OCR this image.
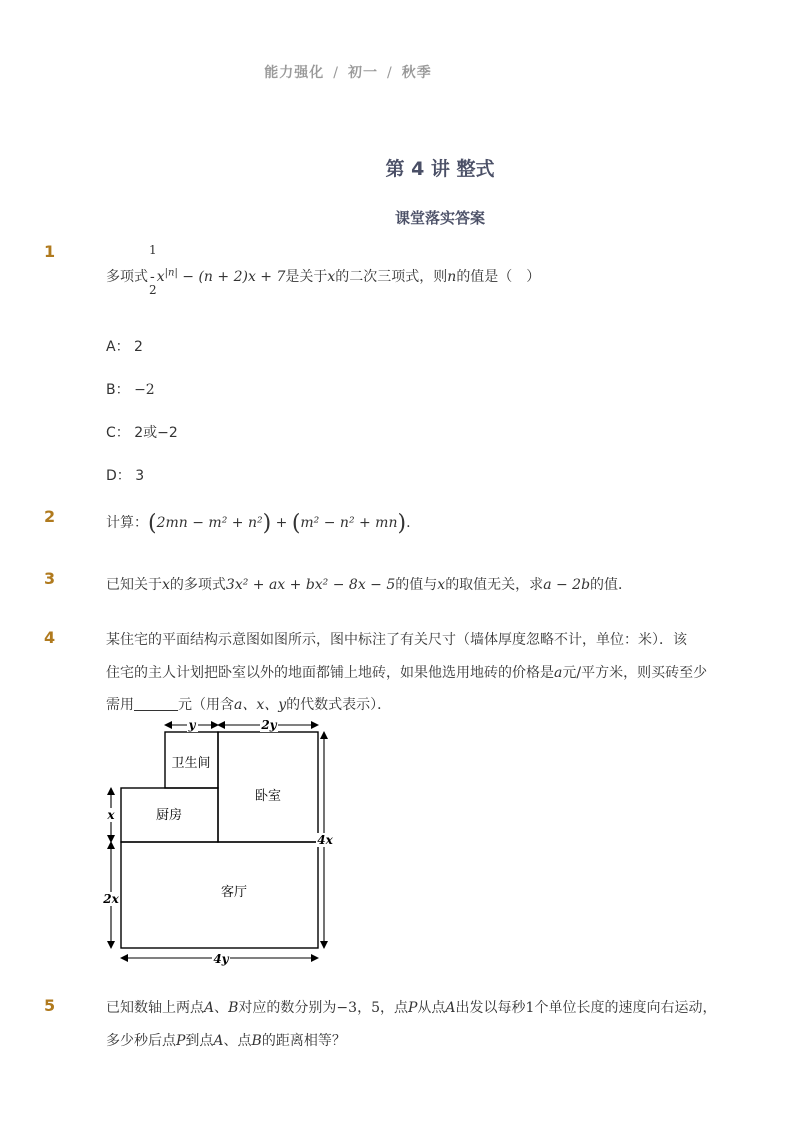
能力强化 / 初一 / 秋季
第 4 讲 整式
课堂落实答案
1	1
2
多项式 - $x^{|n|} - (n + 2)x + 7$是关于x的二次三项式，则n的值是（　）
A： 2
B： −2
C： 2或−2
D： 3
2	计算：(2mn − m² + n²) + (m² − n² + mn).
3	已知关于x的多项式3x² + ax + bx² − 8x − 5的值与x的取值无关，求a − 2b的值．
4	某住宅的平面结构示意图如图所示，图中标注了有关尺寸（墙体厚度忽略不计，单位：米）．该
住宅的主人计划把卧室以外的地面都铺上地砖，如果他选用地砖的价格是a元/平方米，则买砖至少
需用	元（用含a、x、y的代数式表示）．
卫生间
卧室
厨房
客厅
y	2y
x
2x
4x
4y
5	已知数轴上两点A、B对应的数分别为−3，5，点P从点A出发以每秒1个单位长度的速度向右运动，
多少秒后点P到点A、点B的距离相等？
